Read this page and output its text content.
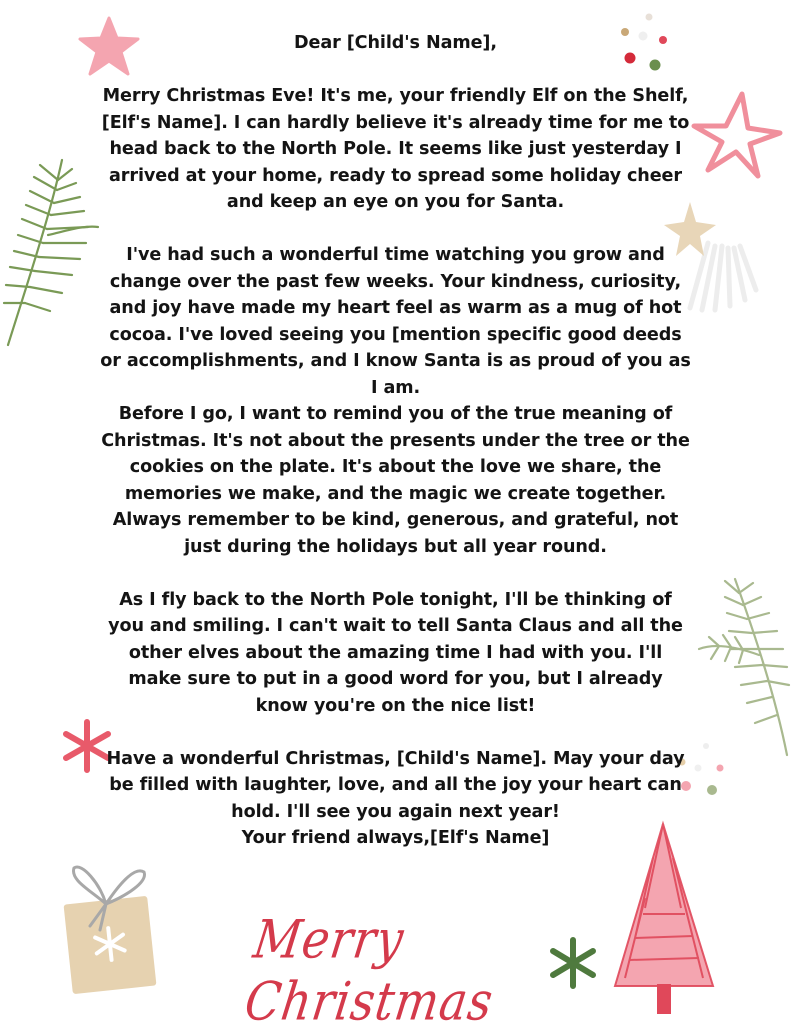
Dear [Child's Name],

Merry Christmas Eve! It's me, your friendly Elf on the Shelf, [Elf's Name]. I can hardly believe it's already time for me to head back to the North Pole. It seems like just yesterday I arrived at your home, ready to spread some holiday cheer and keep an eye on you for Santa.

I've had such a wonderful time watching you grow and change over the past few weeks. Your kindness, curiosity, and joy have made my heart feel as warm as a mug of hot cocoa. I've loved seeing you [mention specific good deeds or accomplishments, and I know Santa is as proud of you as I am.

Before I go, I want to remind you of the true meaning of Christmas. It's not about the presents under the tree or the cookies on the plate. It's about the love we share, the memories we make, and the magic we create together. Always remember to be kind, generous, and grateful, not just during the holidays but all year round.

As I fly back to the North Pole tonight, I'll be thinking of you and smiling. I can't wait to tell Santa Claus and all the other elves about the amazing time I had with you. I'll make sure to put in a good word for you, but I already know you're on the nice list!

Have a wonderful Christmas, [Child's Name]. May your day be filled with laughter, love, and all the joy your heart can hold. I'll see you again next year!

Your friend always,[Elf's Name]

Merry Christmas
